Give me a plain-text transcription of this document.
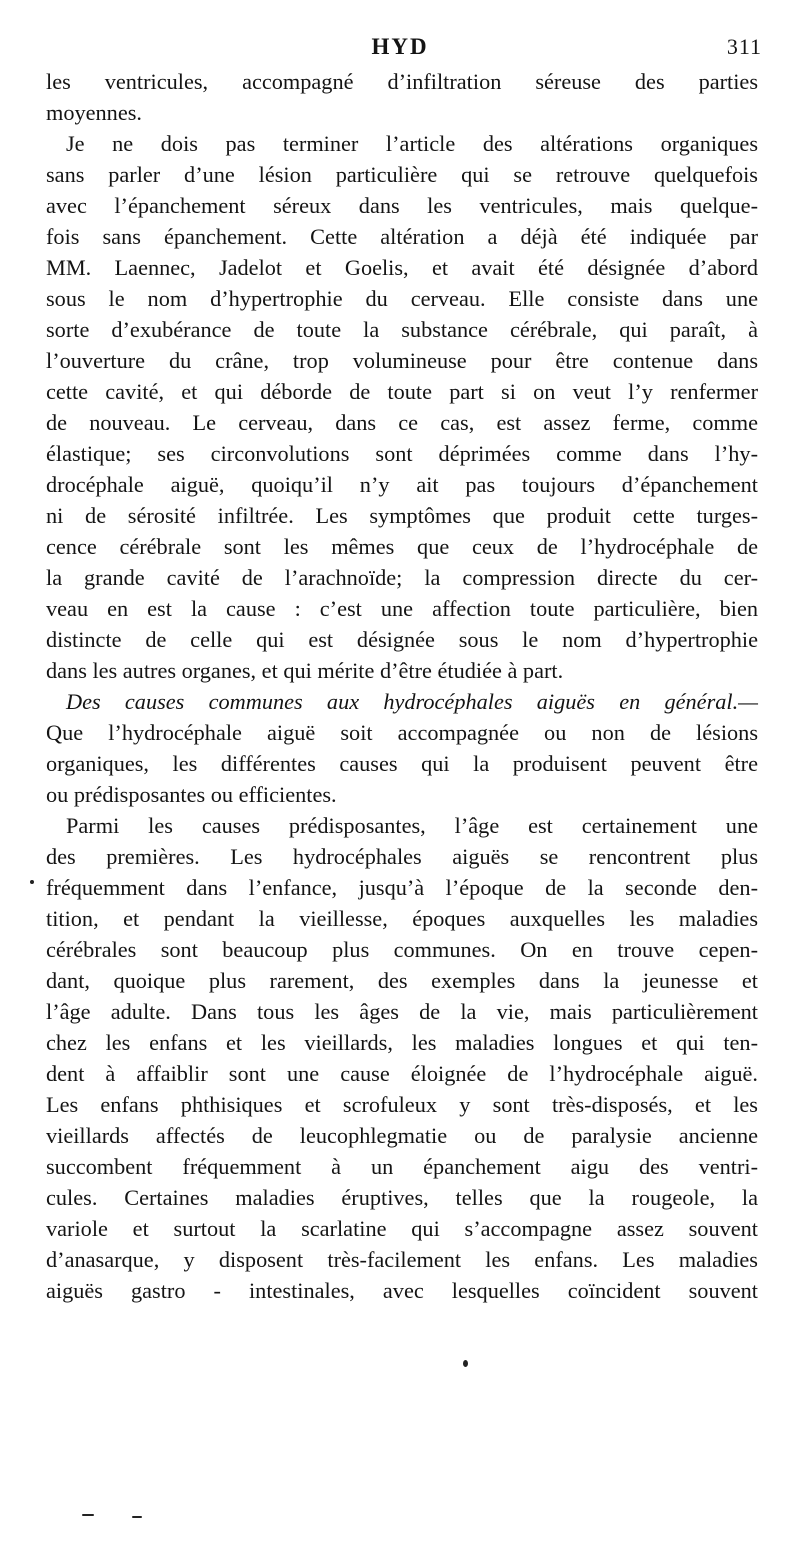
HYD	311
les ventricules, accompagné d’infiltration séreuse des parties
moyennes.
Je ne dois pas terminer l’article des altérations organiques
sans parler d’une lésion particulière qui se retrouve quelquefois
avec l’épanchement séreux dans les ventricules, mais quelque-
fois sans épanchement. Cette altération a déjà été indiquée par
MM. Laennec, Jadelot et Goelis, et avait été désignée d’abord
sous le nom d’hypertrophie du cerveau. Elle consiste dans une
sorte d’exubérance de toute la substance cérébrale, qui paraît, à
l’ouverture du crâne, trop volumineuse pour être contenue dans
cette cavité, et qui déborde de toute part si on veut l’y renfermer
de nouveau. Le cerveau, dans ce cas, est assez ferme, comme
élastique; ses circonvolutions sont déprimées comme dans l’hy-
drocéphale aiguë, quoiqu’il n’y ait pas toujours d’épanchement
ni de sérosité infiltrée. Les symptômes que produit cette turges-
cence cérébrale sont les mêmes que ceux de l’hydrocéphale de
la grande cavité de l’arachnoïde; la compression directe du cer-
veau en est la cause : c’est une affection toute particulière, bien
distincte de celle qui est désignée sous le nom d’hypertrophie
dans les autres organes, et qui mérite d’être étudiée à part.
Des causes communes aux hydrocéphales aiguës en général.—
Que l’hydrocéphale aiguë soit accompagnée ou non de lésions
organiques, les différentes causes qui la produisent peuvent être
ou prédisposantes ou efficientes.
Parmi les causes prédisposantes, l’âge est certainement une
des premières. Les hydrocéphales aiguës se rencontrent plus
fréquemment dans l’enfance, jusqu’à l’époque de la seconde den-
tition, et pendant la vieillesse, époques auxquelles les maladies
cérébrales sont beaucoup plus communes. On en trouve cepen-
dant, quoique plus rarement, des exemples dans la jeunesse et
l’âge adulte. Dans tous les âges de la vie, mais particulièrement
chez les enfans et les vieillards, les maladies longues et qui ten-
dent à affaiblir sont une cause éloignée de l’hydrocéphale aiguë.
Les enfans phthisiques et scrofuleux y sont très-disposés, et les
vieillards affectés de leucophlegmatie ou de paralysie ancienne
succombent fréquemment à un épanchement aigu des ventri-
cules. Certaines maladies éruptives, telles que la rougeole, la
variole et surtout la scarlatine qui s’accompagne assez souvent
d’anasarque, y disposent très-facilement les enfans. Les maladies
aiguës gastro - intestinales, avec lesquelles coïncident souvent
